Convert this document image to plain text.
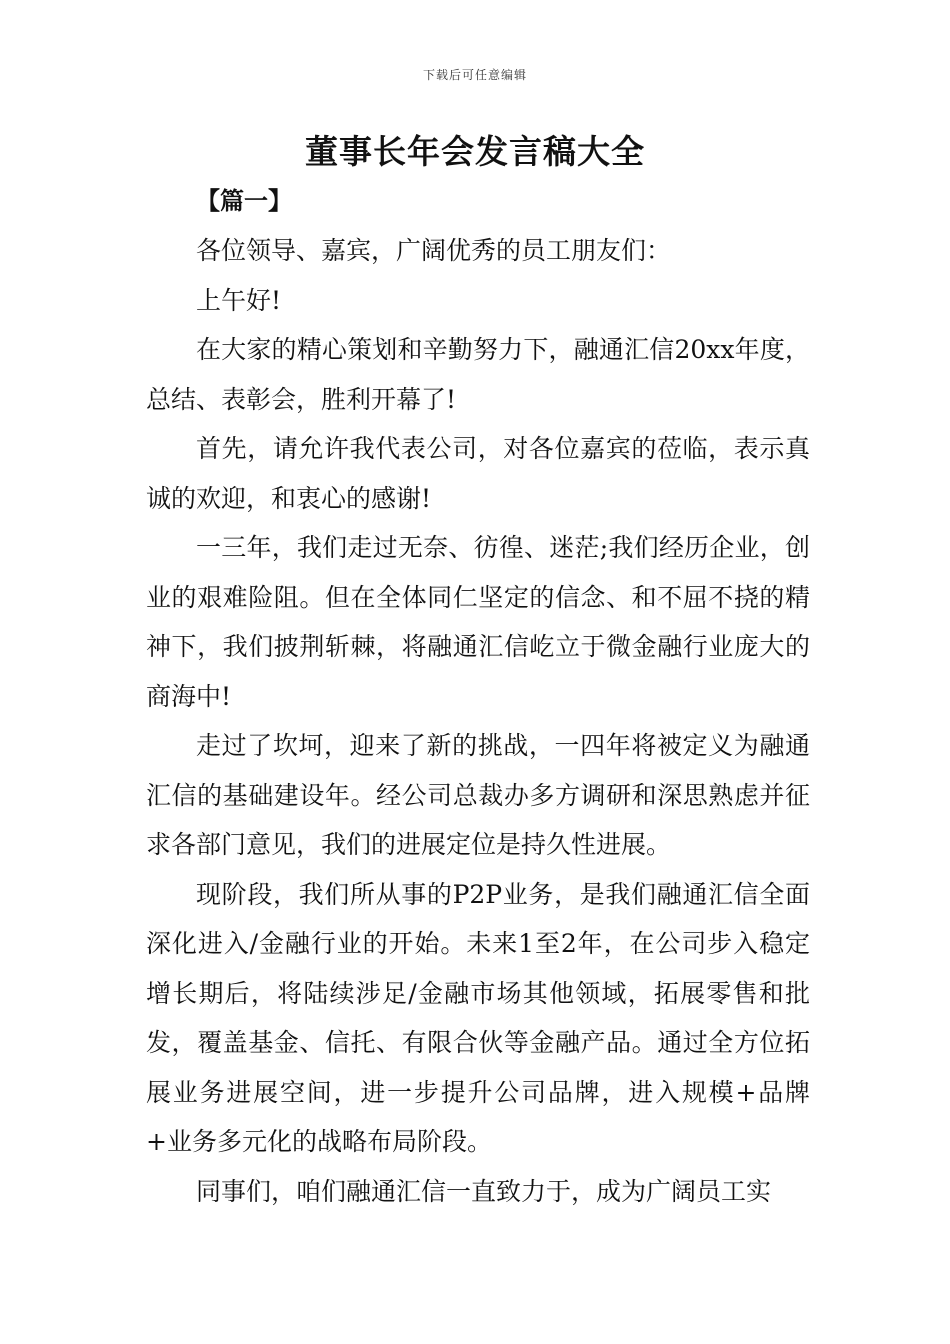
下载后可任意编辑
董事长年会发言稿大全
【篇一】

各位领导、嘉宾，广阔优秀的员工朋友们：

上午好!

在大家的精心策划和辛勤努力下，融通汇信20xx年度，总结、表彰会，胜利开幕了!

首先，请允许我代表公司，对各位嘉宾的莅临，表示真诚的欢迎，和衷心的感谢!

一三年，我们走过无奈、彷徨、迷茫;我们经历企业，创业的艰难险阻。但在全体同仁坚定的信念、和不屈不挠的精神下，我们披荆斩棘，将融通汇信屹立于微金融行业庞大的商海中!

走过了坎坷，迎来了新的挑战，一四年将被定义为融通汇信的基础建设年。经公司总裁办多方调研和深思熟虑并征求各部门意见，我们的进展定位是持久性进展。

现阶段，我们所从事的P2P业务，是我们融通汇信全面深化进入/金融行业的开始。未来1至2年，在公司步入稳定增长期后，将陆续涉足/金融市场其他领域，拓展零售和批发，覆盖基金、信托、有限合伙等金融产品。通过全方位拓展业务进展空间，进一步提升公司品牌，进入规模+品牌+业务多元化的战略布局阶段。

同事们，咱们融通汇信一直致力于，成为广阔员工实
